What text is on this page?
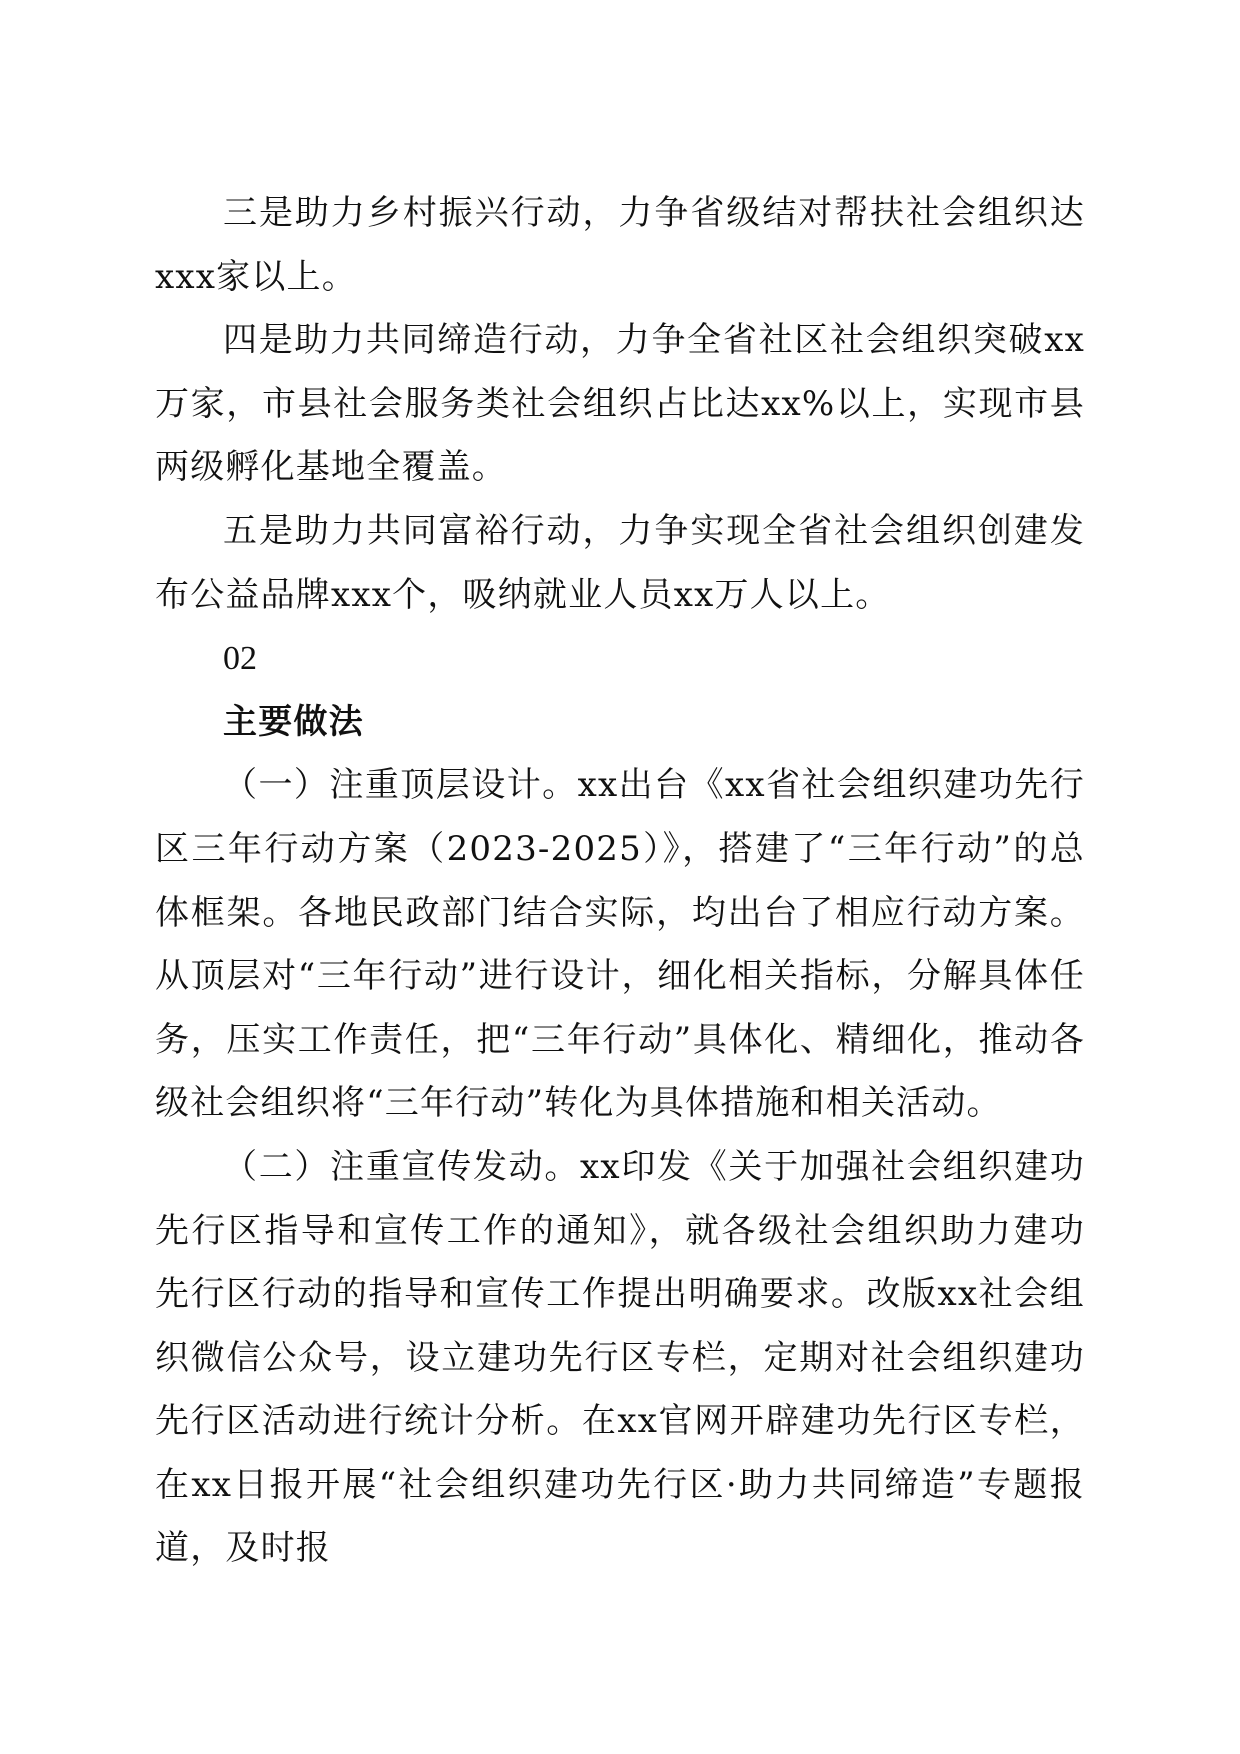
三是助力乡村振兴行动，力争省级结对帮扶社会组织达xxx家以上。

四是助力共同缔造行动，力争全省社区社会组织突破xx万家，市县社会服务类社会组织占比达xx%以上，实现市县两级孵化基地全覆盖。

五是助力共同富裕行动，力争实现全省社会组织创建发布公益品牌xxx个，吸纳就业人员xx万人以上。

02

主要做法

（一）注重顶层设计。xx出台《xx省社会组织建功先行区三年行动方案（2023-2025）》，搭建了“三年行动”的总体框架。各地民政部门结合实际，均出台了相应行动方案。从顶层对“三年行动”进行设计，细化相关指标，分解具体任务，压实工作责任，把“三年行动”具体化、精细化，推动各级社会组织将“三年行动”转化为具体措施和相关活动。

（二）注重宣传发动。xx印发《关于加强社会组织建功先行区指导和宣传工作的通知》，就各级社会组织助力建功先行区行动的指导和宣传工作提出明确要求。改版xx社会组织微信公众号，设立建功先行区专栏，定期对社会组织建功先行区活动进行统计分析。在xx官网开辟建功先行区专栏，在xx日报开展“社会组织建功先行区·助力共同缔造”专题报道，及时报
